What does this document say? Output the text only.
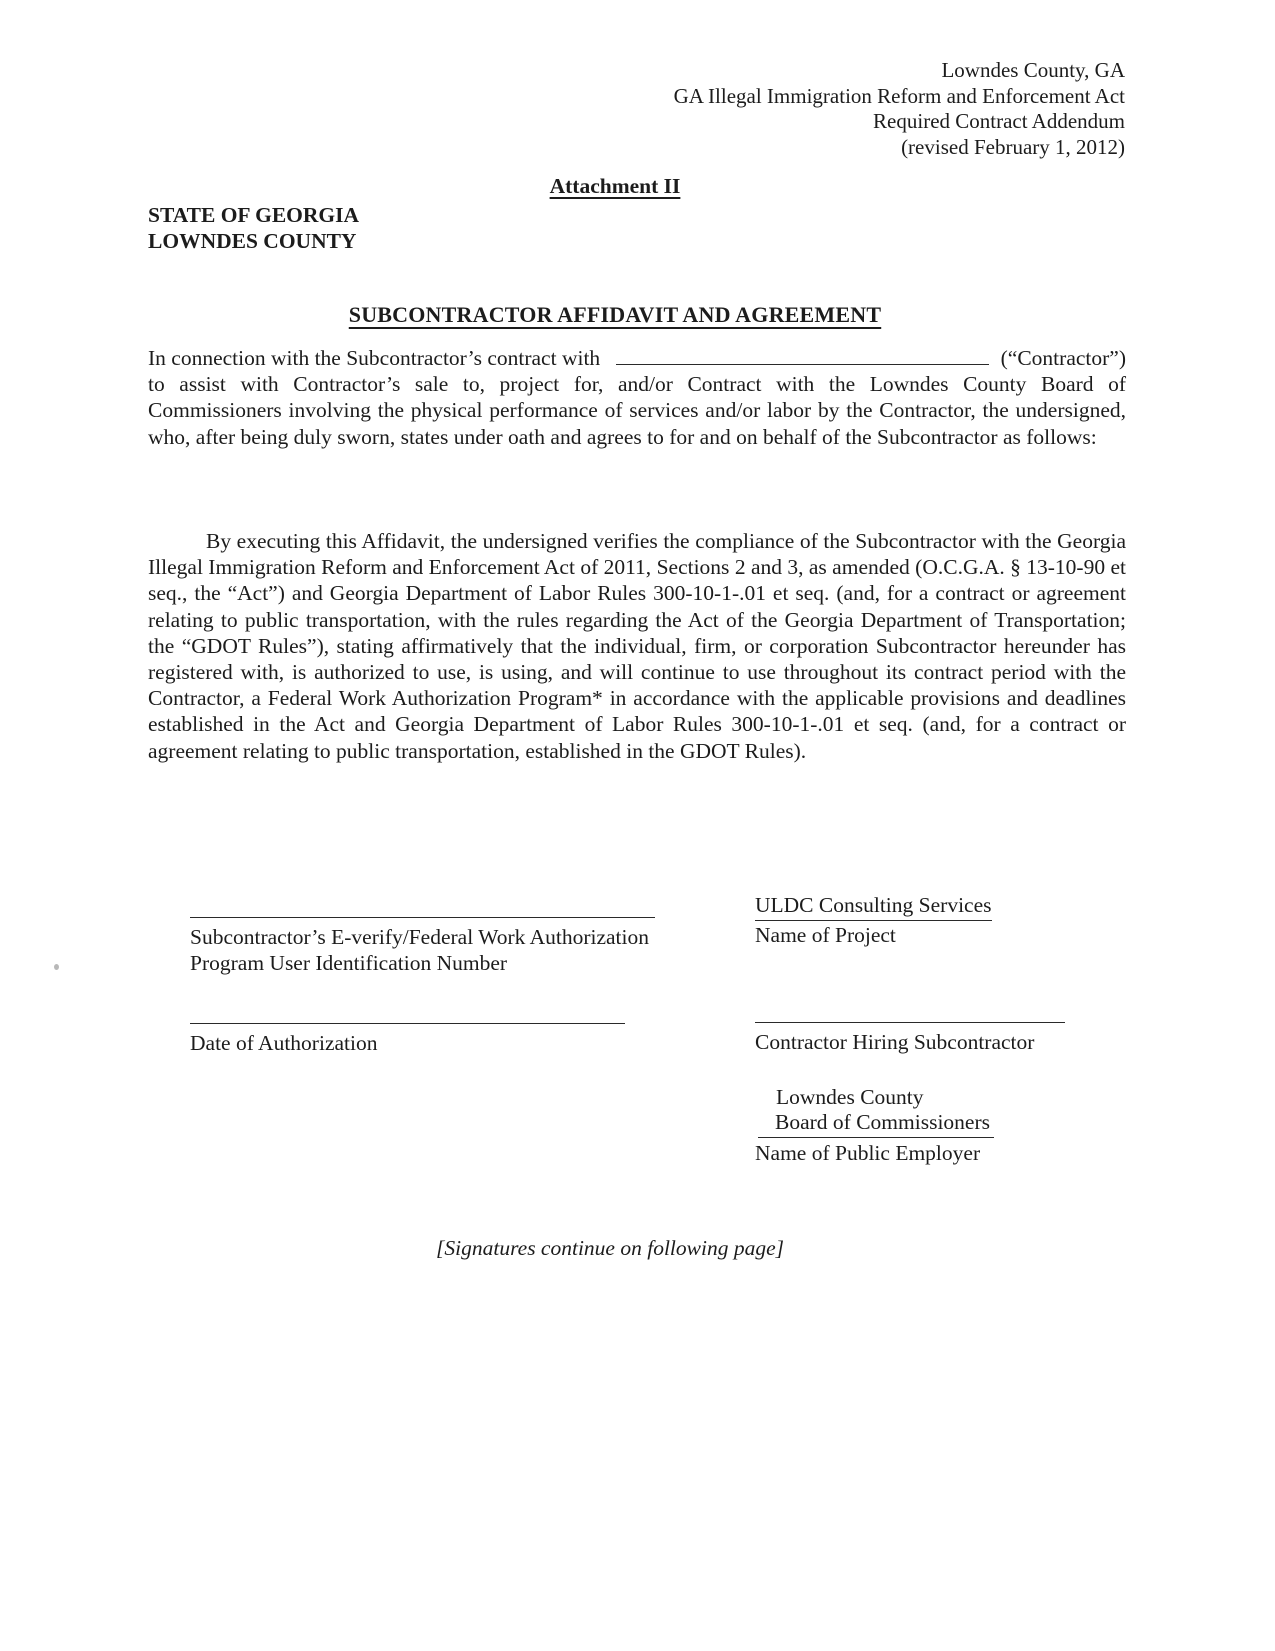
Lowndes County, GA
GA Illegal Immigration Reform and Enforcement Act
Required Contract Addendum
(revised February 1, 2012)
Attachment II
STATE OF GEORGIA
LOWNDES COUNTY
SUBCONTRACTOR AFFIDAVIT AND AGREEMENT
In connection with the Subcontractor’s contract with	(“Contractor”)
to assist with Contractor’s sale to, project for, and/or Contract with the Lowndes County Board of Commissioners involving the physical performance of services and/or labor by the Contractor, the undersigned, who, after being duly sworn, states under oath and agrees to for and on behalf of the Subcontractor as follows:
By executing this Affidavit, the undersigned verifies the compliance of the Subcontractor with the Georgia Illegal Immigration Reform and Enforcement Act of 2011, Sections 2 and 3, as amended (O.C.G.A. § 13-10-90 et seq., the “Act”) and Georgia Department of Labor Rules 300-10-1-.01 et seq. (and, for a contract or agreement relating to public transportation, with the rules regarding the Act of the Georgia Department of Transportation; the “GDOT Rules”), stating affirmatively that the individual, firm, or corporation Subcontractor hereunder has registered with, is authorized to use, is using, and will continue to use throughout its contract period with the Contractor, a Federal Work Authorization Program* in accordance with the applicable provisions and deadlines established in the Act and Georgia Department of Labor Rules 300-10-1-.01 et seq. (and, for a contract or agreement relating to public transportation, established in the GDOT Rules).
ULDC Consulting Services
Name of Project
Subcontractor’s E-verify/Federal Work Authorization
Program User Identification Number
Date of Authorization	Contractor Hiring Subcontractor
Lowndes County
Board of Commissioners
Name of Public Employer
[Signatures continue on following page]
